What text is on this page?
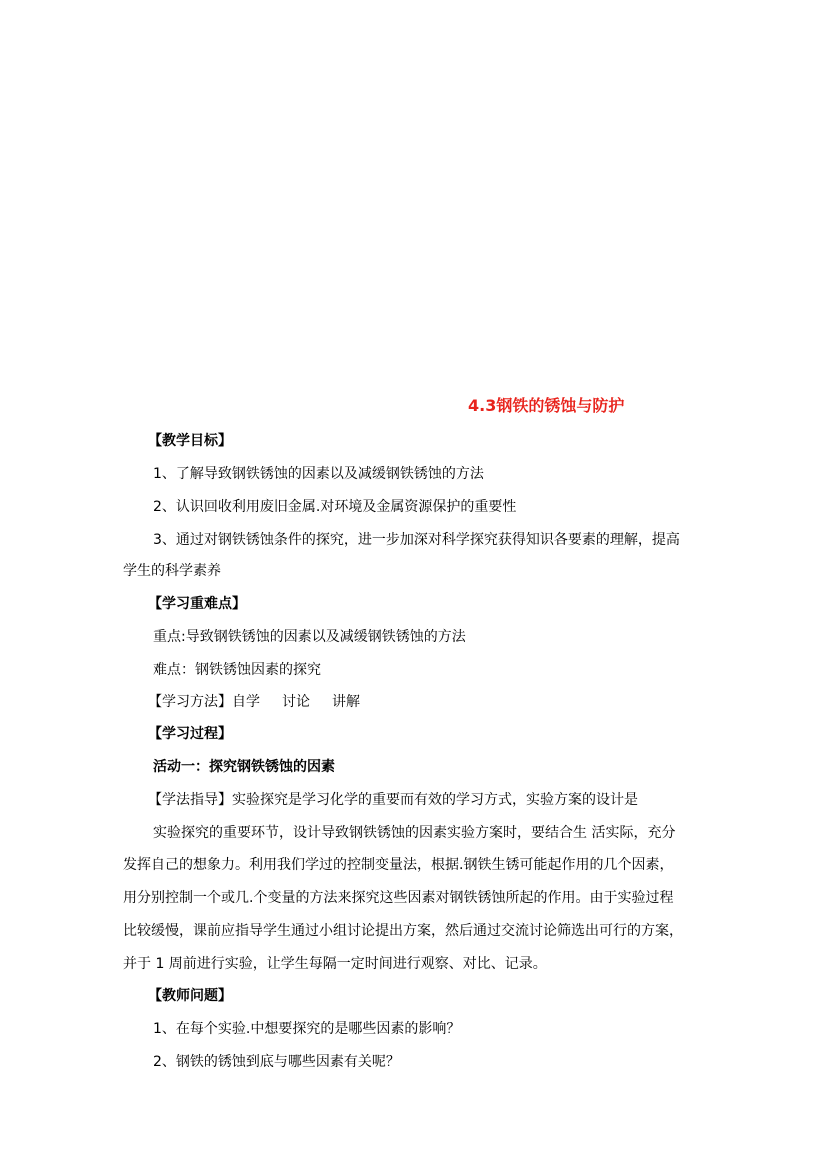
4.3钢铁的锈蚀与防护
【教学目标】
1、了解导致钢铁锈蚀的因素以及减缓钢铁锈蚀的方法
2、认识回收利用废旧金属.对环境及金属资源保护的重要性
3、通过对钢铁锈蚀条件的探究，进一步加深对科学探究获得知识各要素的理解，提高
学生的科学素养
【学习重难点】
重点:导致钢铁锈蚀的因素以及减缓钢铁锈蚀的方法
难点：钢铁锈蚀因素的探究
【学习方法】自学 讨论 讲解
【学习过程】
活动一：探究钢铁锈蚀的因素
【学法指导】实验探究是学习化学的重要而有效的学习方式，实验方案的设计是
实验探究的重要环节，设计导致钢铁锈蚀的因素实验方案时，要结合生 活实际，充分
发挥自己的想象力。利用我们学过的控制变量法，根据.钢铁生锈可能起作用的几个因素，
用分别控制一个或几.个变量的方法来探究这些因素对钢铁锈蚀所起的作用。由于实验过程
比较缓慢，课前应指导学生通过小组讨论提出方案，然后通过交流讨论筛选出可行的方案，
并于 1 周前进行实验，让学生每隔一定时间进行观察、对比、记录。
【教师问题】
1、在每个实验.中想要探究的是哪些因素的影响？
2、钢铁的锈蚀到底与哪些因素有关呢？
